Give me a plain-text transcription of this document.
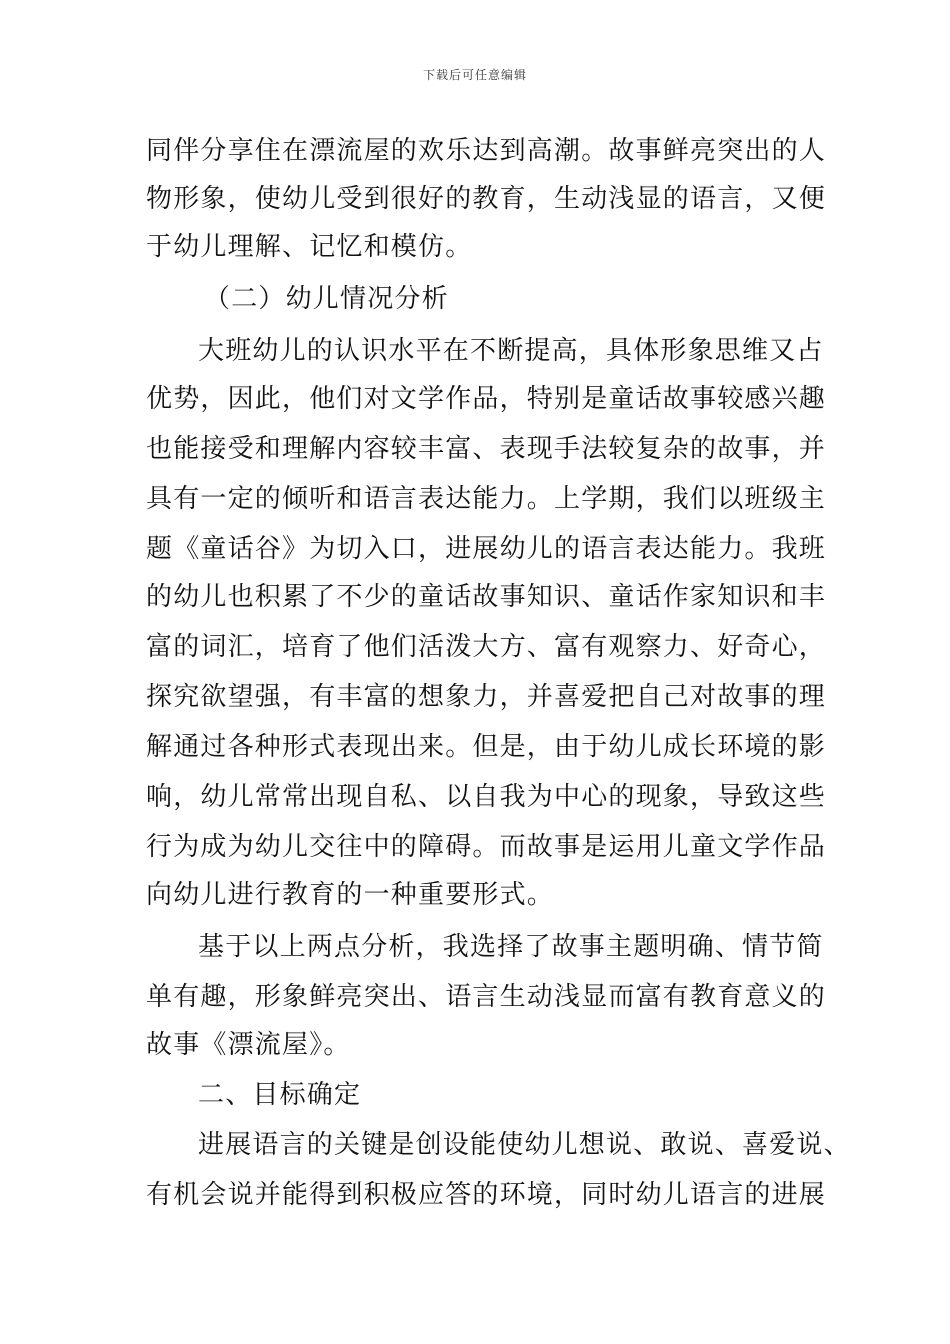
下载后可任意编辑
同伴分享住在漂流屋的欢乐达到高潮。故事鲜亮突出的人
物形象，使幼儿受到很好的教育，生动浅显的语言，又便
于幼儿理解、记忆和模仿。
（二）幼儿情况分析
大班幼儿的认识水平在不断提高，具体形象思维又占
优势，因此，他们对文学作品，特别是童话故事较感兴趣
也能接受和理解内容较丰富、表现手法较复杂的故事，并
具有一定的倾听和语言表达能力。上学期，我们以班级主
题《童话谷》为切入口，进展幼儿的语言表达能力。我班
的幼儿也积累了不少的童话故事知识、童话作家知识和丰
富的词汇，培育了他们活泼大方、富有观察力、好奇心，
探究欲望强，有丰富的想象力，并喜爱把自己对故事的理
解通过各种形式表现出来。但是，由于幼儿成长环境的影
响，幼儿常常出现自私、以自我为中心的现象，导致这些
行为成为幼儿交往中的障碍。而故事是运用儿童文学作品
向幼儿进行教育的一种重要形式。
基于以上两点分析，我选择了故事主题明确、情节简
单有趣，形象鲜亮突出、语言生动浅显而富有教育意义的
故事《漂流屋》。
二、目标确定
进展语言的关键是创设能使幼儿想说、敢说、喜爱说、
有机会说并能得到积极应答的环境，同时幼儿语言的进展
